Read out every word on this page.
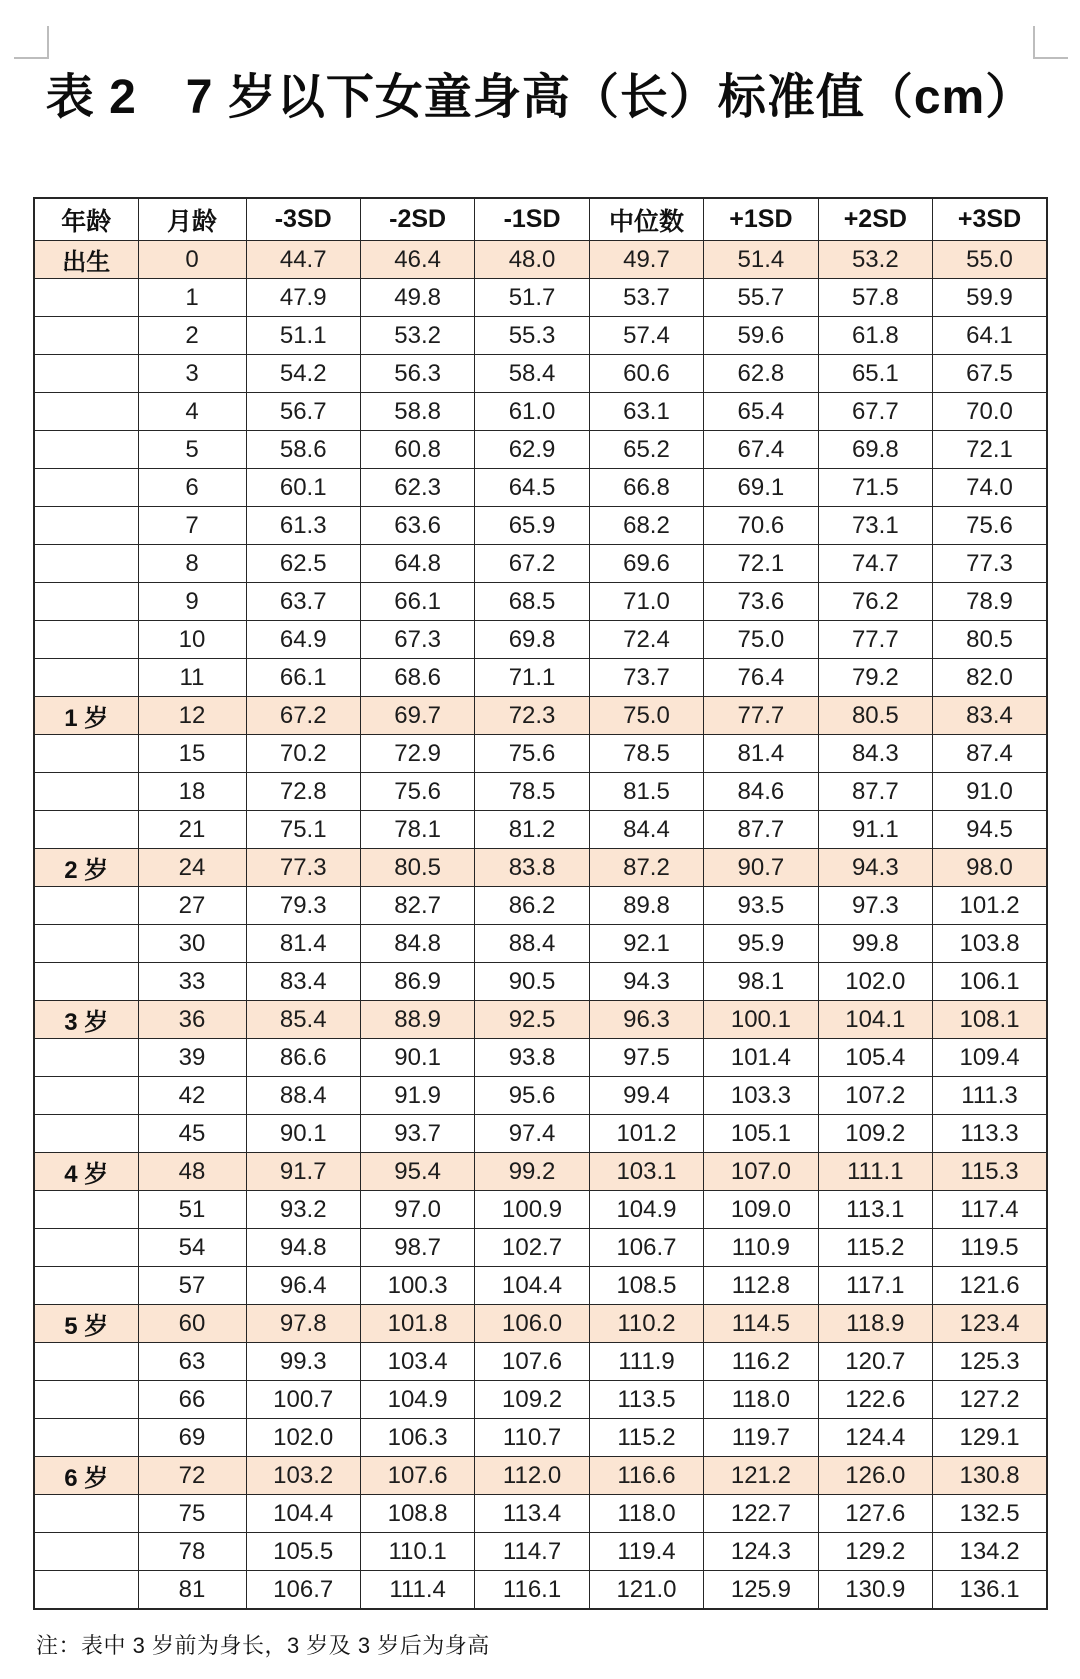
表 2　7 岁以下女童身高（长）标准值（cm）
年龄	月龄	-3SD	-2SD	-1SD	中位数	+1SD	+2SD	+3SD
出生	0	44.7	46.4	48.0	49.7	51.4	53.2	55.0
	1	47.9	49.8	51.7	53.7	55.7	57.8	59.9
	2	51.1	53.2	55.3	57.4	59.6	61.8	64.1
	3	54.2	56.3	58.4	60.6	62.8	65.1	67.5
	4	56.7	58.8	61.0	63.1	65.4	67.7	70.0
	5	58.6	60.8	62.9	65.2	67.4	69.8	72.1
	6	60.1	62.3	64.5	66.8	69.1	71.5	74.0
	7	61.3	63.6	65.9	68.2	70.6	73.1	75.6
	8	62.5	64.8	67.2	69.6	72.1	74.7	77.3
	9	63.7	66.1	68.5	71.0	73.6	76.2	78.9
	10	64.9	67.3	69.8	72.4	75.0	77.7	80.5
	11	66.1	68.6	71.1	73.7	76.4	79.2	82.0
1 岁	12	67.2	69.7	72.3	75.0	77.7	80.5	83.4
	15	70.2	72.9	75.6	78.5	81.4	84.3	87.4
	18	72.8	75.6	78.5	81.5	84.6	87.7	91.0
	21	75.1	78.1	81.2	84.4	87.7	91.1	94.5
2 岁	24	77.3	80.5	83.8	87.2	90.7	94.3	98.0
	27	79.3	82.7	86.2	89.8	93.5	97.3	101.2
	30	81.4	84.8	88.4	92.1	95.9	99.8	103.8
	33	83.4	86.9	90.5	94.3	98.1	102.0	106.1
3 岁	36	85.4	88.9	92.5	96.3	100.1	104.1	108.1
	39	86.6	90.1	93.8	97.5	101.4	105.4	109.4
	42	88.4	91.9	95.6	99.4	103.3	107.2	111.3
	45	90.1	93.7	97.4	101.2	105.1	109.2	113.3
4 岁	48	91.7	95.4	99.2	103.1	107.0	111.1	115.3
	51	93.2	97.0	100.9	104.9	109.0	113.1	117.4
	54	94.8	98.7	102.7	106.7	110.9	115.2	119.5
	57	96.4	100.3	104.4	108.5	112.8	117.1	121.6
5 岁	60	97.8	101.8	106.0	110.2	114.5	118.9	123.4
	63	99.3	103.4	107.6	111.9	116.2	120.7	125.3
	66	100.7	104.9	109.2	113.5	118.0	122.6	127.2
	69	102.0	106.3	110.7	115.2	119.7	124.4	129.1
6 岁	72	103.2	107.6	112.0	116.6	121.2	126.0	130.8
	75	104.4	108.8	113.4	118.0	122.7	127.6	132.5
	78	105.5	110.1	114.7	119.4	124.3	129.2	134.2
	81	106.7	111.4	116.1	121.0	125.9	130.9	136.1
注：表中 3 岁前为身长，3 岁及 3 岁后为身高
